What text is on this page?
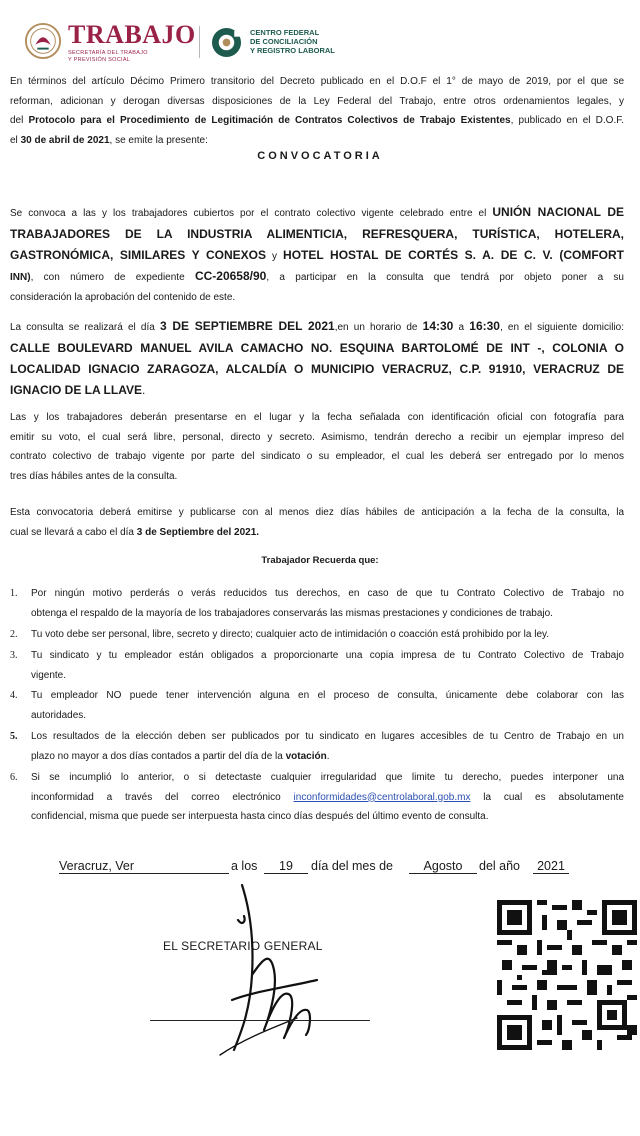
TRABAJO
SECRETARÍA DEL TRABAJO
Y PREVISIÓN SOCIAL
CENTRO FEDERAL
DE CONCILIACIÓN
Y REGISTRO LABORAL
En términos del artículo Décimo Primero transitorio del Decreto publicado en el D.O.F el 1° de mayo de 2019, por el que se
reforman, adicionan y derogan diversas disposiciones de la Ley Federal del Trabajo, entre otros ordenamientos legales, y
del Protocolo para el Procedimiento de Legitimación de Contratos Colectivos de Trabajo Existentes, publicado en el D.O.F.
el 30 de abril de 2021, se emite la presente:
CONVOCATORIA
Se convoca a las y los trabajadores cubiertos por el contrato colectivo vigente celebrado entre el UNIÓN NACIONAL DE
TRABAJADORES DE LA INDUSTRIA ALIMENTICIA, REFRESQUERA, TURÍSTICA, HOTELERA,
GASTRONÓMICA, SIMILARES Y CONEXOS y HOTEL HOSTAL DE CORTÉS S. A. DE C. V. (COMFORT
INN), con número de expediente CC-20658/90, a participar en la consulta que tendrá por objeto poner a su
consideración la aprobación del contenido de este.
La consulta se realizará el día 3 DE SEPTIEMBRE DEL 2021,en un horario de 14:30 a 16:30, en el siguiente domicilio:
CALLE BOULEVARD MANUEL AVILA CAMACHO NO. ESQUINA BARTOLOMÉ DE INT -, COLONIA O
LOCALIDAD IGNACIO ZARAGOZA, ALCALDÍA O MUNICIPIO VERACRUZ, C.P. 91910, VERACRUZ DE
IGNACIO DE LA LLAVE.
Las y los trabajadores deberán presentarse en el lugar y la fecha señalada con identificación oficial con fotografía para
emitir su voto, el cual será libre, personal, directo y secreto. Asimismo, tendrán derecho a recibir un ejemplar impreso del
contrato colectivo de trabajo vigente por parte del sindicato o su empleador, el cual les deberá ser entregado por lo menos
tres días hábiles antes de la consulta.
Esta convocatoria deberá emitirse y publicarse con al menos diez días hábiles de anticipación a la fecha de la consulta, la
cual se llevará a cabo el día 3 de Septiembre del 2021.
Trabajador Recuerda que:
1. Por ningún motivo perderás o verás reducidos tus derechos, en caso de que tu Contrato Colectivo de Trabajo no
obtenga el respaldo de la mayoría de los trabajadores conservarás las mismas prestaciones y condiciones de trabajo.
2. Tu voto debe ser personal, libre, secreto y directo; cualquier acto de intimidación o coacción está prohibido por la ley.
3. Tu sindicato y tu empleador están obligados a proporcionarte una copia impresa de tu Contrato Colectivo de Trabajo
vigente.
4. Tu empleador NO puede tener intervención alguna en el proceso de consulta, únicamente debe colaborar con las
autoridades.
5. Los resultados de la elección deben ser publicados por tu sindicato en lugares accesibles de tu Centro de Trabajo en un
plazo no mayor a dos días contados a partir del día de la votación.
6. Si se incumplió lo anterior, o si detectaste cualquier irregularidad que limite tu derecho, puedes interponer una
inconformidad a través del correo electrónico inconformidades@centrolaboral.gob.mx la cual es absolutamente
confidencial, misma que puede ser interpuesta hasta cinco días después del último evento de consulta.
Veracruz, Ver	a los	19	día del mes de	Agosto	del año	2021
EL SECRETARIO GENERAL
